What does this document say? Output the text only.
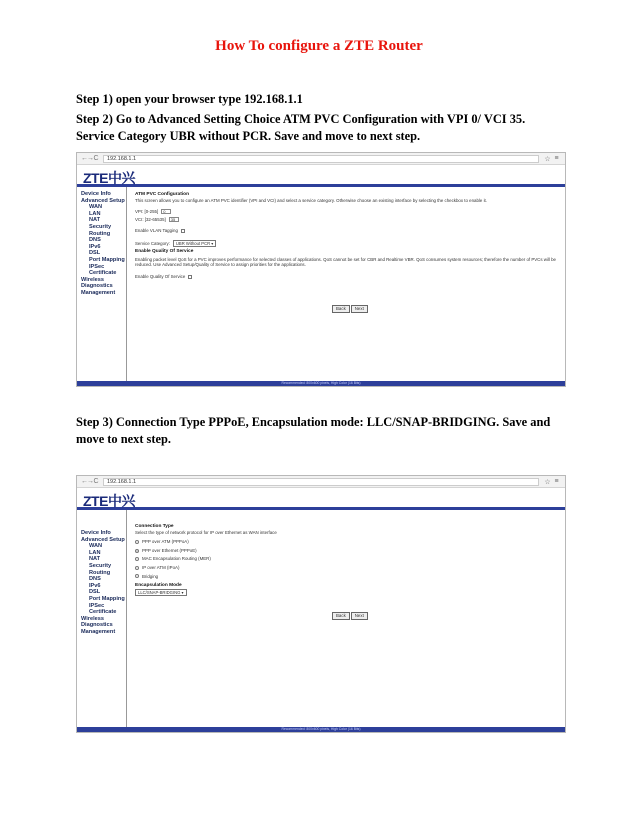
How To configure a ZTE Router
Step 1) open your browser type 192.168.1.1
Step 2) Go to Advanced Setting Choice ATM PVC Configuration with VPI 0/ VCI 35. Service Category UBR without PCR. Save and move to next step.
← → C	192.168.1.1	☆ ≡
ZTE中兴
Device Info
Advanced Setup
WAN
LAN
NAT
Security
Routing
DNS
IPv6
DSL
Port Mapping
IPSec
Certificate
Wireless
Diagnostics
Management
ATM PVC Configuration
This screen allows you to configure an ATM PVC identifier (VPI and VCI) and select a service category. Otherwise choose an existing interface by selecting the checkbox to enable it.
VPI: [0-255]	0
VCI: [32-65535]	35
Enable VLAN Tagging
Service Category:	UBR Without PCR ▾
Enable Quality Of Service
Enabling packet level QoS for a PVC improves performance for selected classes of applications. QoS cannot be set for CBR and Realtime VBR. QoS consumes system resources; therefore the number of PVCs will be reduced. Use Advanced Setup/Quality of Service to assign priorities for the applications.
Enable Quality Of Service
Back	Next
Recommended: 800x600 pixels, High Color (16 Bits)
Step 3) Connection Type PPPoE, Encapsulation mode: LLC/SNAP-BRIDGING. Save and move to next step.
← → C	192.168.1.1	☆ ≡
ZTE中兴
Device Info
Advanced Setup
WAN
LAN
NAT
Security
Routing
DNS
IPv6
DSL
Port Mapping
IPSec
Certificate
Wireless
Diagnostics
Management
Connection Type
Select the type of network protocol for IP over Ethernet as WAN interface
PPP over ATM (PPPoA)
PPP over Ethernet (PPPoE)
MAC Encapsulation Routing (MER)
IP over ATM (IPoA)
Bridging
Encapsulation Mode
LLC/SNAP-BRIDGING ▾
Back	Next
Recommended: 800x600 pixels, High Color (16 Bits)
